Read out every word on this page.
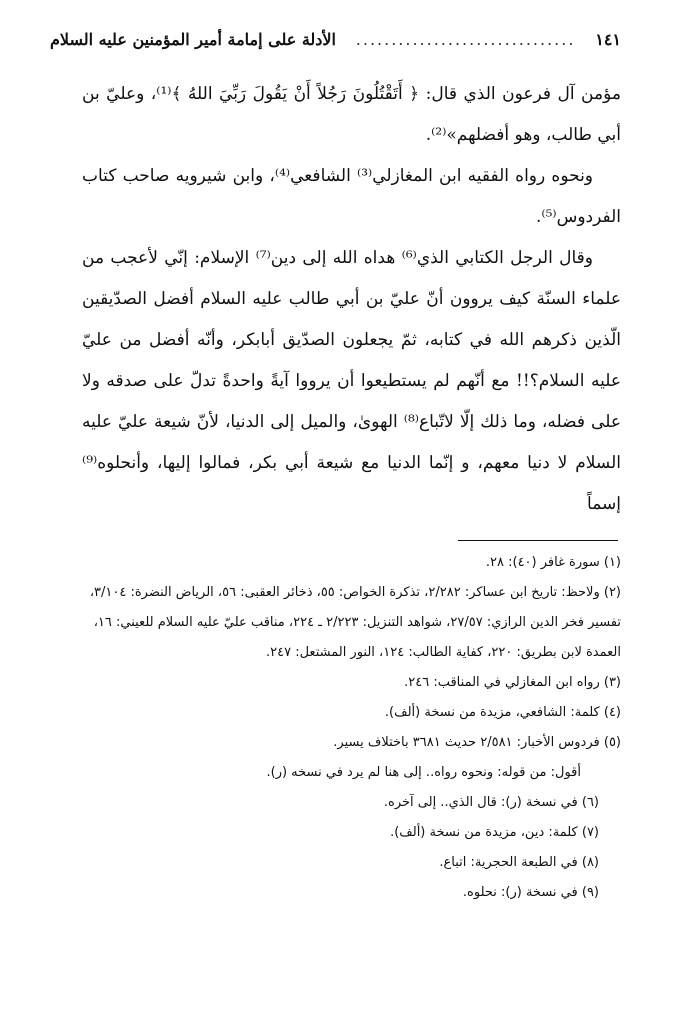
الأدلة على إمامة أمير المؤمنين عليه السلام	...............................	١٤١

مؤمن آل فرعون الذي قال: ﴿ أَتَقْتُلُونَ رَجُلاً أَنْ يَقُولَ رَبِّيَ اللهُ ﴾⁽¹⁾، وعليّ بن أبي طالب، وهو أفضلهم»⁽²⁾.

ونحوه رواه الفقيه ابن المغازلي⁽³⁾ الشافعي⁽⁴⁾، وابن شيرويه صاحب كتاب الفردوس⁽⁵⁾.

وقال الرجل الكتابي الذي⁽⁶⁾ هداه الله إلى دين⁽⁷⁾ الإسلام: إنّي لأعجب من علماء السنّة كيف يروون أنّ عليّ بن أبي طالب عليه السلام أفضل الصدّيقين الّذين ذكرهم الله في كتابه، ثمّ يجعلون الصدّيق أبابكر، وأنّه أفضل من عليّ عليه السلام؟!! مع أنّهم لم يستطيعوا أن يرووا آيةً واحدةً تدلّ على صدقه ولا على فضله، وما ذلك إلّا لاتّباع⁽⁸⁾ الهوىٰ، والميل إلى الدنيا، لأنّ شيعة عليّ عليه السلام لا دنيا معهم، و إنّما الدنيا مع شيعة أبي بكر، فمالوا إليها، وأنحلوه⁽⁹⁾ إسماً

(١) سورة غافر (٤٠): ٢٨.

(٢) ولاحظ: تاريخ ابن عساكر: ٢/٢٨٢، تذكرة الخواص: ٥٥، ذخائر العقبى: ٥٦، الرياض النضرة: ٣/١٠٤، تفسير فخر الدين الرازي: ٢٧/٥٧، شواهد التنزيل: ٢/٢٢٣ ـ ٢٢٤، مناقب عليّ عليه السلام للعيني: ١٦، العمدة لابن بطريق: ٢٢٠، كفاية الطالب: ١٢٤، النور المشتعل: ٢٤٧.

(٣) رواه ابن المغازلي في المناقب: ٢٤٦.

(٤) كلمة: الشافعي، مزيدة من نسخة (ألف).

(٥) فردوس الأخبار: ٢/٥٨١ حديث ٣٦٨١ باختلاف يسير.

أقول: من قوله: ونحوه رواه.. إلى هنا لم يرد في نسخه (ر).

(٦) في نسخة (ر): قال الذي.. إلى آخره.

(٧) كلمة: دين، مزيدة من نسخة (ألف).

(٨) في الطبعة الحجرية: اتباع.

(٩) في نسخة (ر): نحلوه.
